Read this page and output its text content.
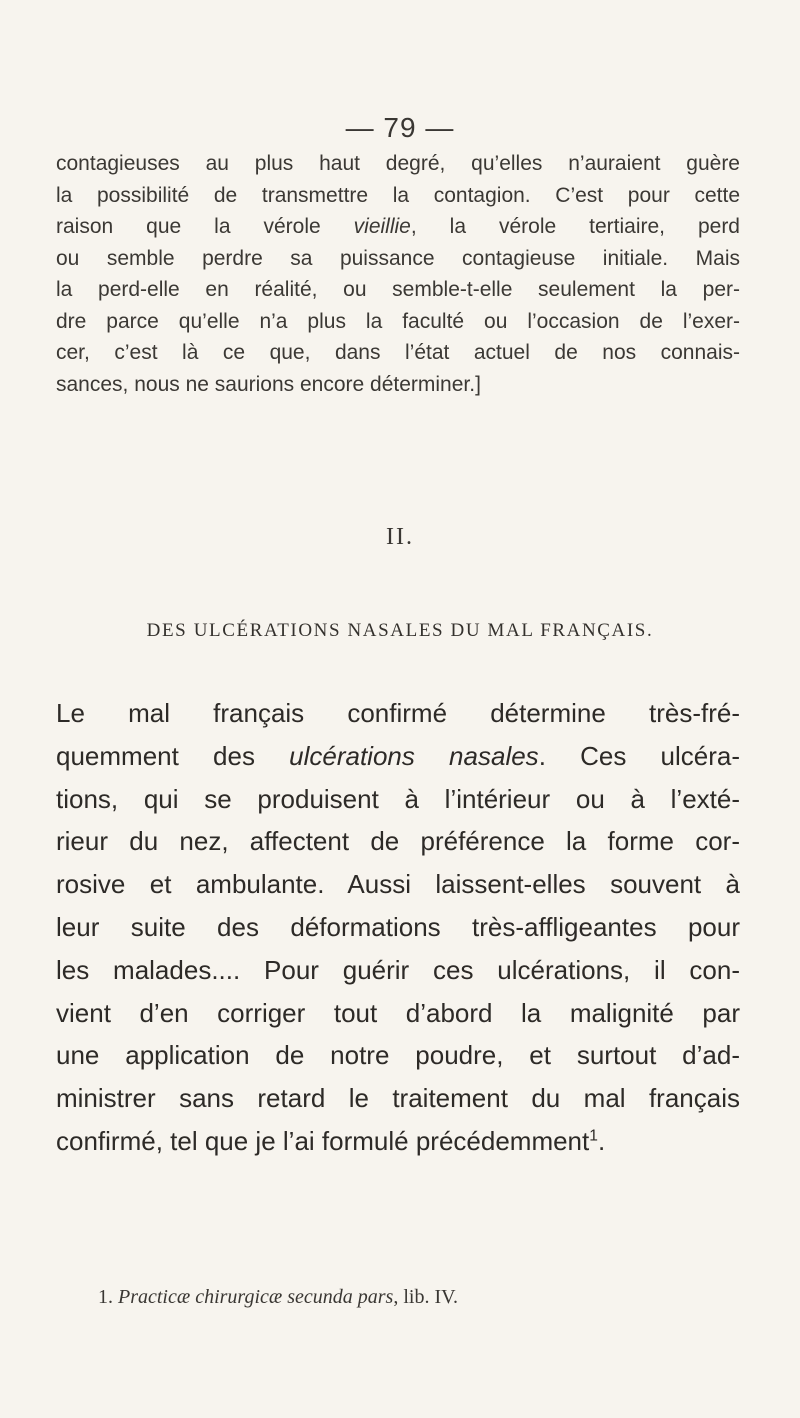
— 79 —
contagieuses au plus haut degré, qu’elles n’auraient guère
la possibilité de transmettre la contagion. C’est pour cette
raison que la vérole vieillie, la vérole tertiaire, perd
ou semble perdre sa puissance contagieuse initiale. Mais
la perd-elle en réalité, ou semble-t-elle seulement la per-
dre parce qu’elle n’a plus la faculté ou l’occasion de l’exer-
cer, c’est là ce que, dans l’état actuel de nos connais-
sances, nous ne saurions encore déterminer.]
II.
DES ULCÉRATIONS NASALES DU MAL FRANÇAIS.
Le mal français confirmé détermine très-fré-
quemment des ulcérations nasales. Ces ulcéra-
tions, qui se produisent à l’intérieur ou à l’exté-
rieur du nez, affectent de préférence la forme cor-
rosive et ambulante. Aussi laissent-elles souvent à
leur suite des déformations très-affligeantes pour
les malades.... Pour guérir ces ulcérations, il con-
vient d’en corriger tout d’abord la malignité par
une application de notre poudre, et surtout d’ad-
ministrer sans retard le traitement du mal français
confirmé, tel que je l’ai formulé précédemment$^1$.
1. Practicæ chirurgicæ secunda pars, lib. IV.
